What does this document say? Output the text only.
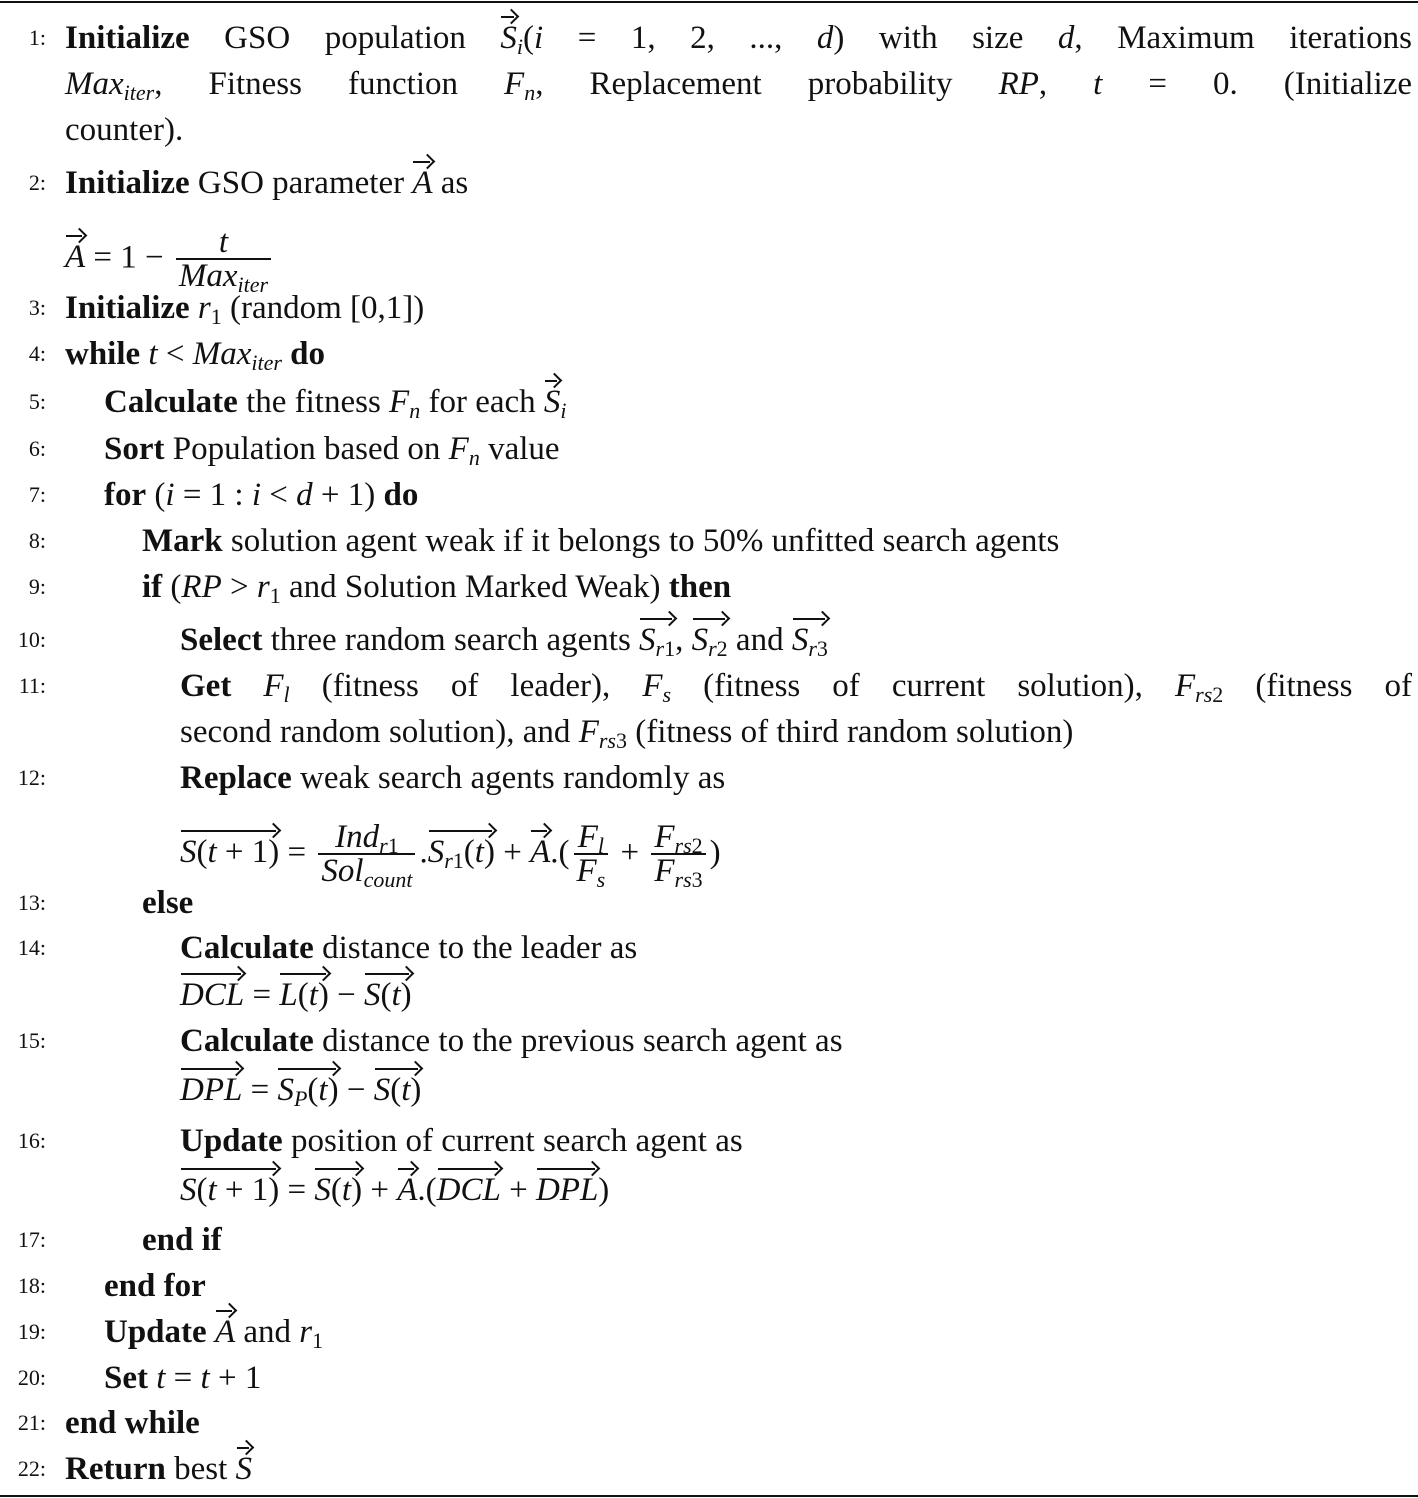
1: Initialize GSO population $S_i(i = 1$, 2, ..., d) with size d, Maximum iterations
Max$_{iter}$, Fitness function $F_n$, Replacement probability RP, t = 0. (Initialize
counter).
2: Initialize GSO parameter A as
$A = 1 - \frac{t}{Max_{iter}}$
3: Initialize $r_1$ (random [0,1])
4: while t < Max$_{iter}$ do
5: Calculate the fitness $F_n$ for each $S_i$
6: Sort Population based on $F_n$ value
7: for (i = 1 : i < d + 1) do
8:	Mark solution agent weak if it belongs to 50% unfitted search agents
9:	if ($RP > r_1$ and Solution Marked Weak) then
10:	Select three random search agents $S_{r1}$, $S_{r2}$ and $S_{r3}$
11:	Get $F_l$ (fitness of leader), $F_s$ (fitness of current solution), $F_{rs2}$ (fitness of
second random solution), and $F_{rs3}$ (fitness of third random solution)
12:	Replace weak search agents randomly as
$S(t + 1) = \frac{Ind_{r1}}{Sol_{count}} .S_{r1}(t) + A.( \frac{F_l}{F_s} + \frac{F_{rs2}}{F_{rs3}}$ )
13:	else
14:	Calculate distance to the leader as
DCL = L(t) − S(t)
15:	Calculate distance to the previous search agent as
DPL = $S_P(t) - S(t)$
16:	Update position of current search agent as
S(t + 1) = S(t) + A.(DCL + DPL)
17:	end if
18: end for
19: Update A and $r_1$
20: Set t = t + 1
21: end while
22: Return best S
